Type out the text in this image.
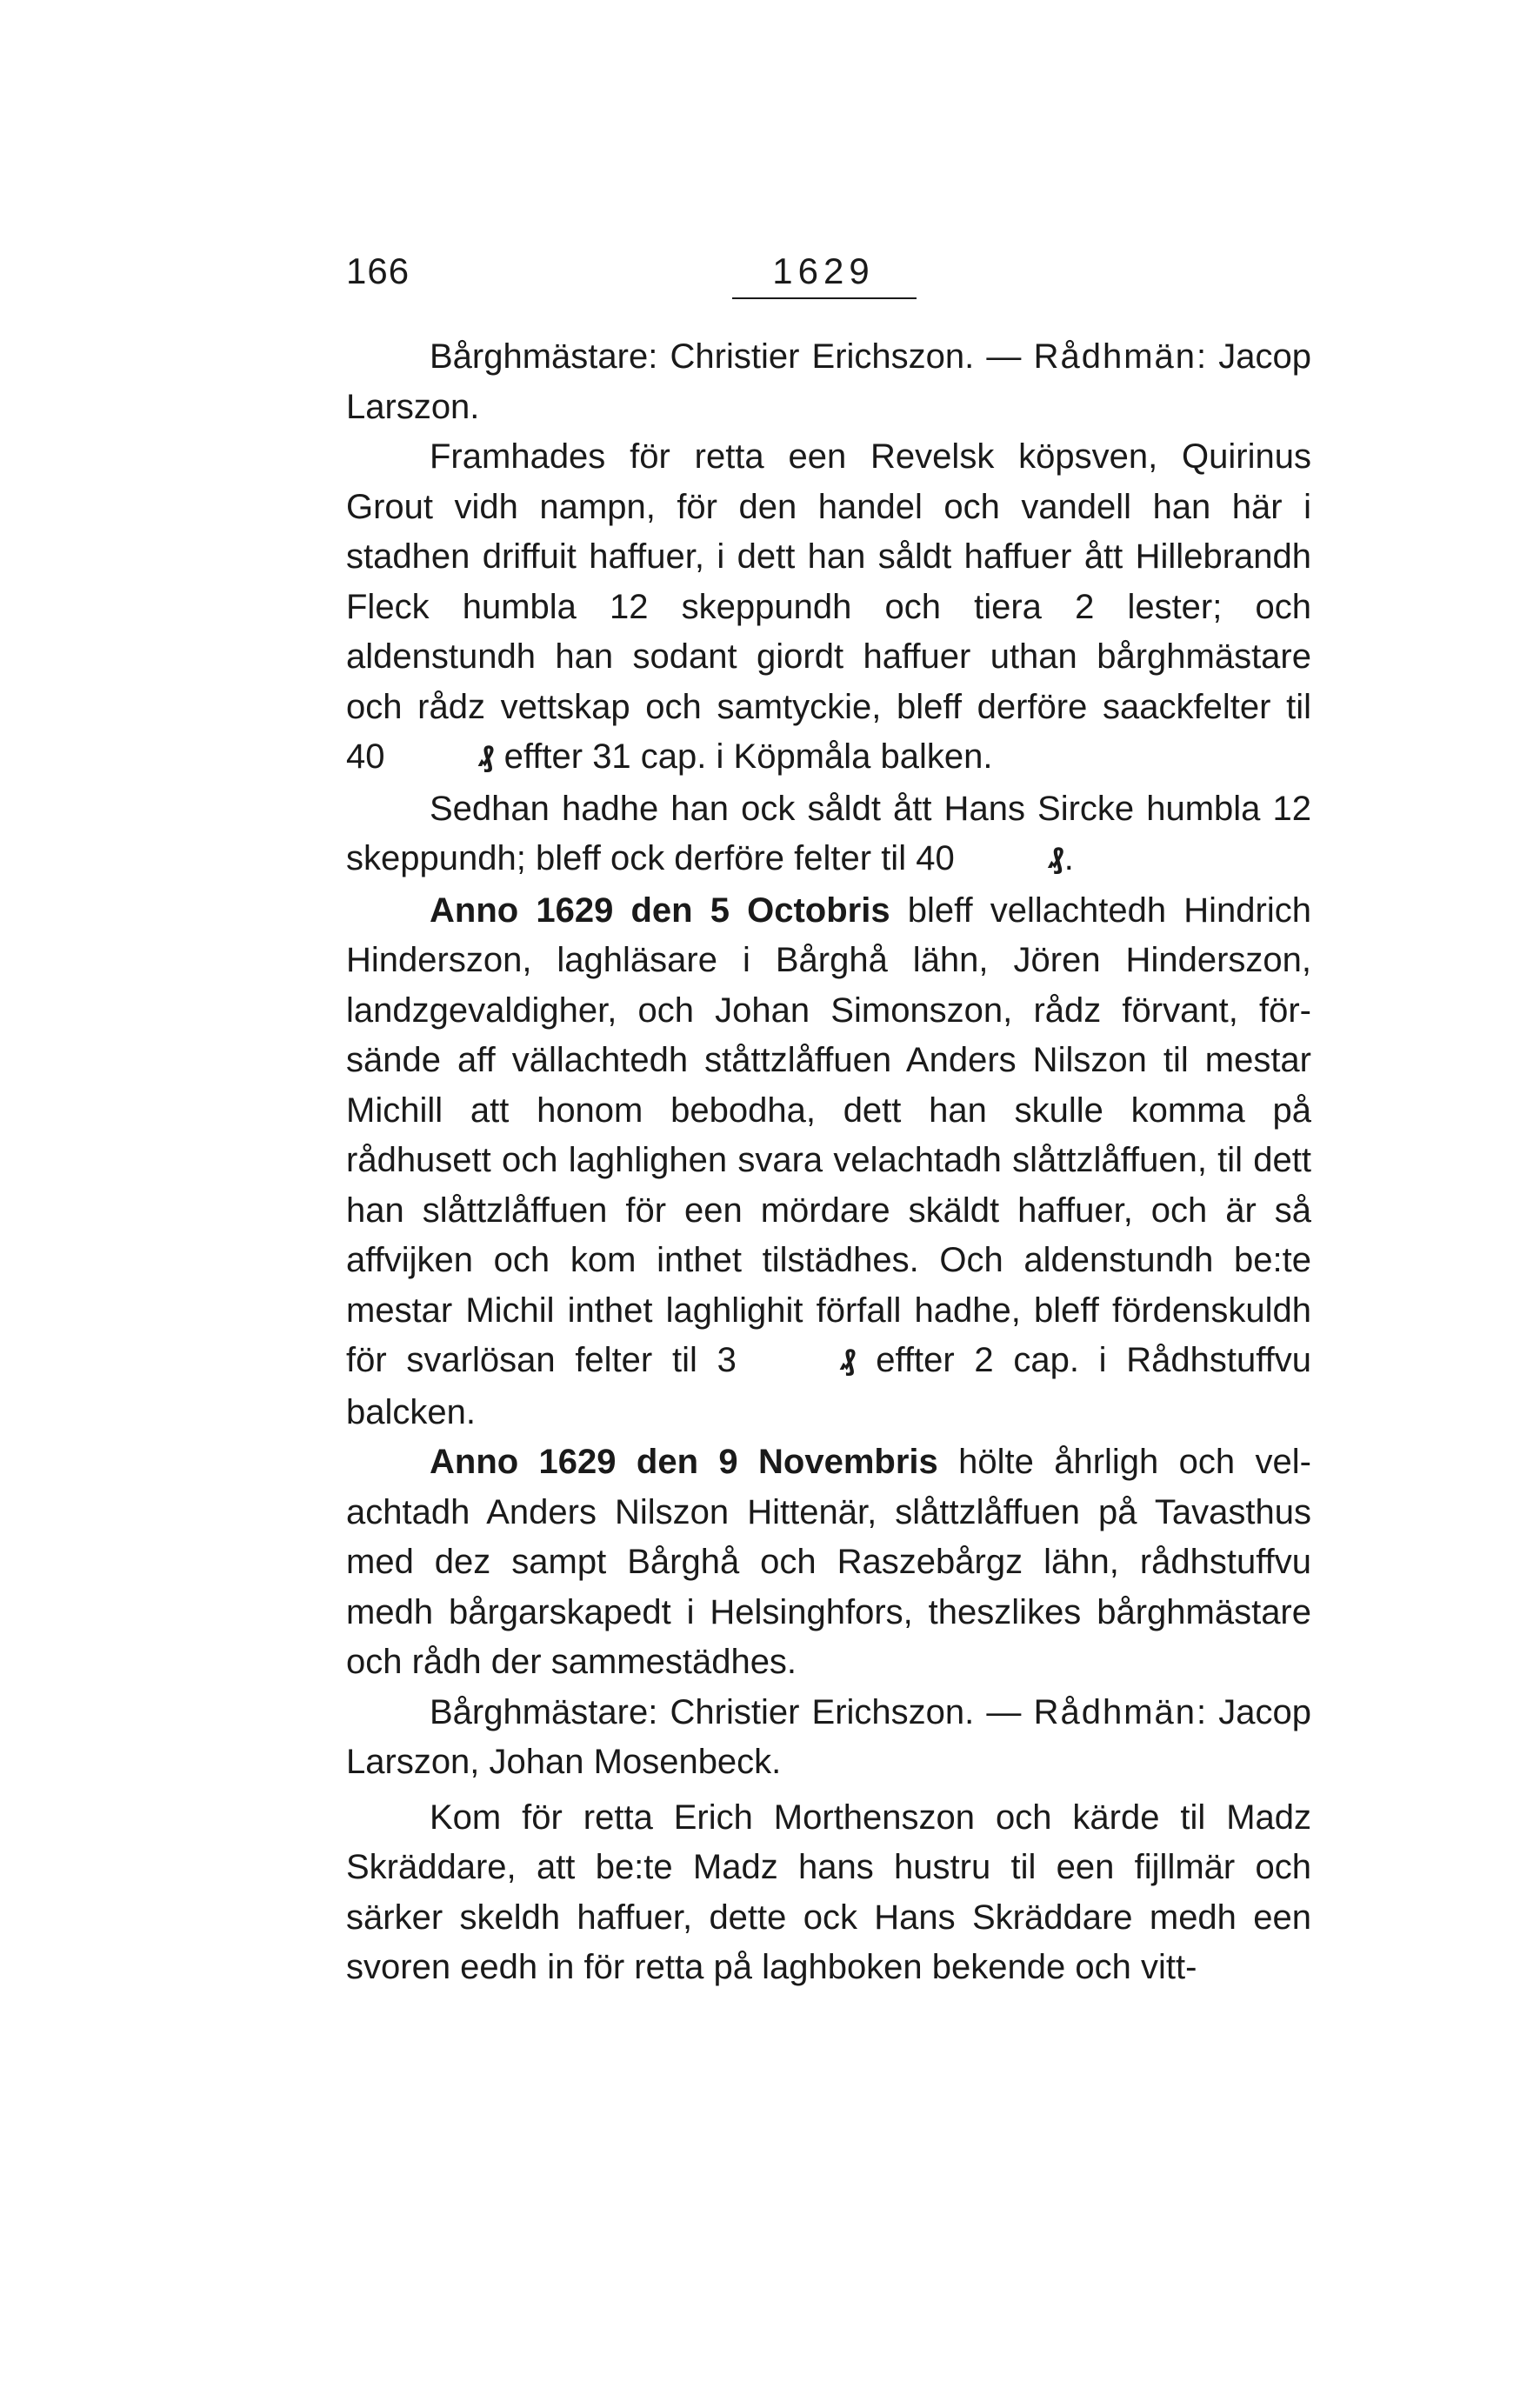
166	1629

Bårghmästare: Christier Erichszon. — Rådhmän: Jacop Larszon.

Framhades för retta een Revelsk köpsven, Quirinus Grout vidh nampn, för den handel och vandell han här i stadhen driffuit haffuer, i dett han såldt haffuer ått Hillebrandh Fleck humbla 12 skeppundh och tiera 2 lester; och aldenstundh han sodant giordt haffuer uthan bårghmästare och rådz vettskap och samtyckie, bleff derföre saackfelter til 40	₰ effter 31 cap. i Köpmåla balken.

Sedhan hadhe han ock såldt ått Hans Sircke humbla 12 skeppundh; bleff ock derföre felter til 40	₰.

Anno 1629 den 5 Octobris bleff vellachtedh Hindrich Hinderszon, laghläsare i Bårghå lähn, Jören Hinderszon, landzgevaldigher, och Johan Simonszon, rådz förvant, försände aff vällachtedh ståttzlåffuen Anders Nilszon til mestar Michill att honom bebodha, dett han skulle komma på rådhusett och laghlighen svara velachtadh slåttzlåffuen, til dett han slåttzlåffuen för een mördare skäldt haffuer, och är så affvijken och kom inthet tilstädhes. Och aldenstundh be:te mestar Michil inthet laghlighit förfall hadhe, bleff fördenskuldh för svarlösan felter til 3	₰ effter 2 cap. i Rådhstuffvu balcken.

Anno 1629 den 9 Novembris hölte åhrligh och velachtadh Anders Nilszon Hittenär, slåttzlåffuen på Tavasthus med dez sampt Bårghå och Raszebårgz lähn, rådhstuffvu medh bårgarskapedt i Helsinghfors, theszlikes bårghmästare och rådh der sammestädhes.

Bårghmästare: Christier Erichszon. — Rådhmän: Jacop Larszon, Johan Mosenbeck.

Kom för retta Erich Morthenszon och kärde til Madz Skräddare, att be:te Madz hans hustru til een fijllmär och särker skeldh haffuer, dette ock Hans Skräddare medh een svoren eedh in för retta på laghboken bekende och vitt-
